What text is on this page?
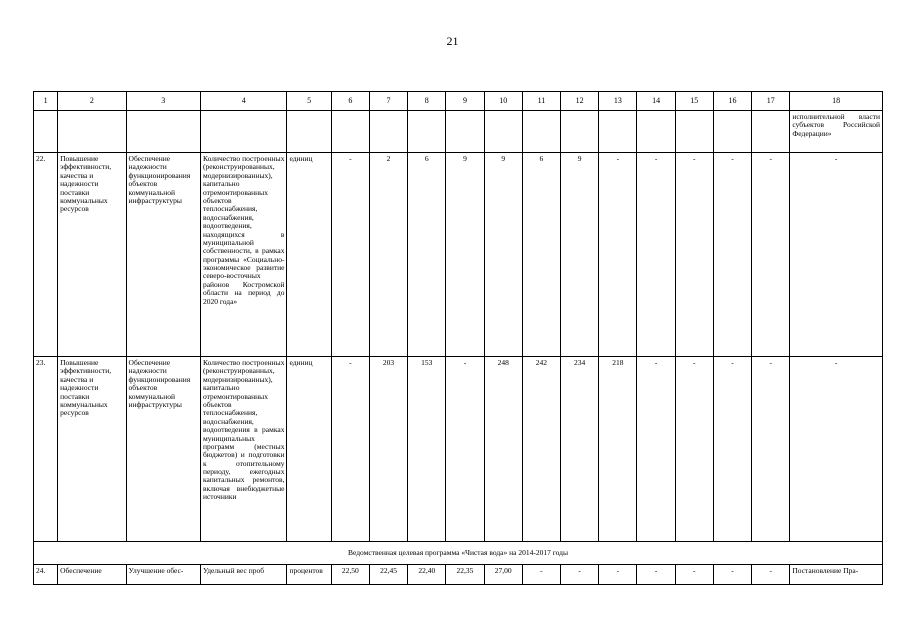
21
1	2	3	4	5	6	7	8	9	10	11	12	13	14	15	16	17	18
																	исполнительной власти субъектов Российской Федерации»
22.	Повышение эффективности, качества и надежности поставки коммунальных ресурсов	Обеспечение надежности функционирования объектов коммунальной инфраструктуры	Количество построенных (реконструированных, модернизированных), капитально отремонтированных объектов теплоснабжения, водоснабжения, водоотведения, находящихся в муниципальной собственности, в рамках программы «Социально-экономическое развитие северо-восточных районов Костромской области на период до 2020 года»	единиц	-	2	6	9	9	6	9	-	-	-	-	-	-
23.	Повышение эффективности, качества и надежности поставки коммунальных ресурсов	Обеспечение надежности функционирования объектов коммунальной инфраструктуры	Количество построенных (реконструированных, модернизированных), капитально отремонтированных объектов теплоснабжения, водоснабжения, водоотведения в рамках муниципальных программ (местных бюджетов) и подготовки к отопительному периоду, ежегодных капитальных ремонтов, включая внебюджетные источники	единиц	-	203	153	-	248	242	234	218	-	-	-	-	-
Ведомственная целевая программа «Чистая вода» на 2014-2017 годы																	
24.	Обеспечение	Улучшение обес-	Удельный вес проб	процентов	22,50	22,45	22,40	22,35	27,00	-	-	-	-	-	-	-	Постановление Пра-
